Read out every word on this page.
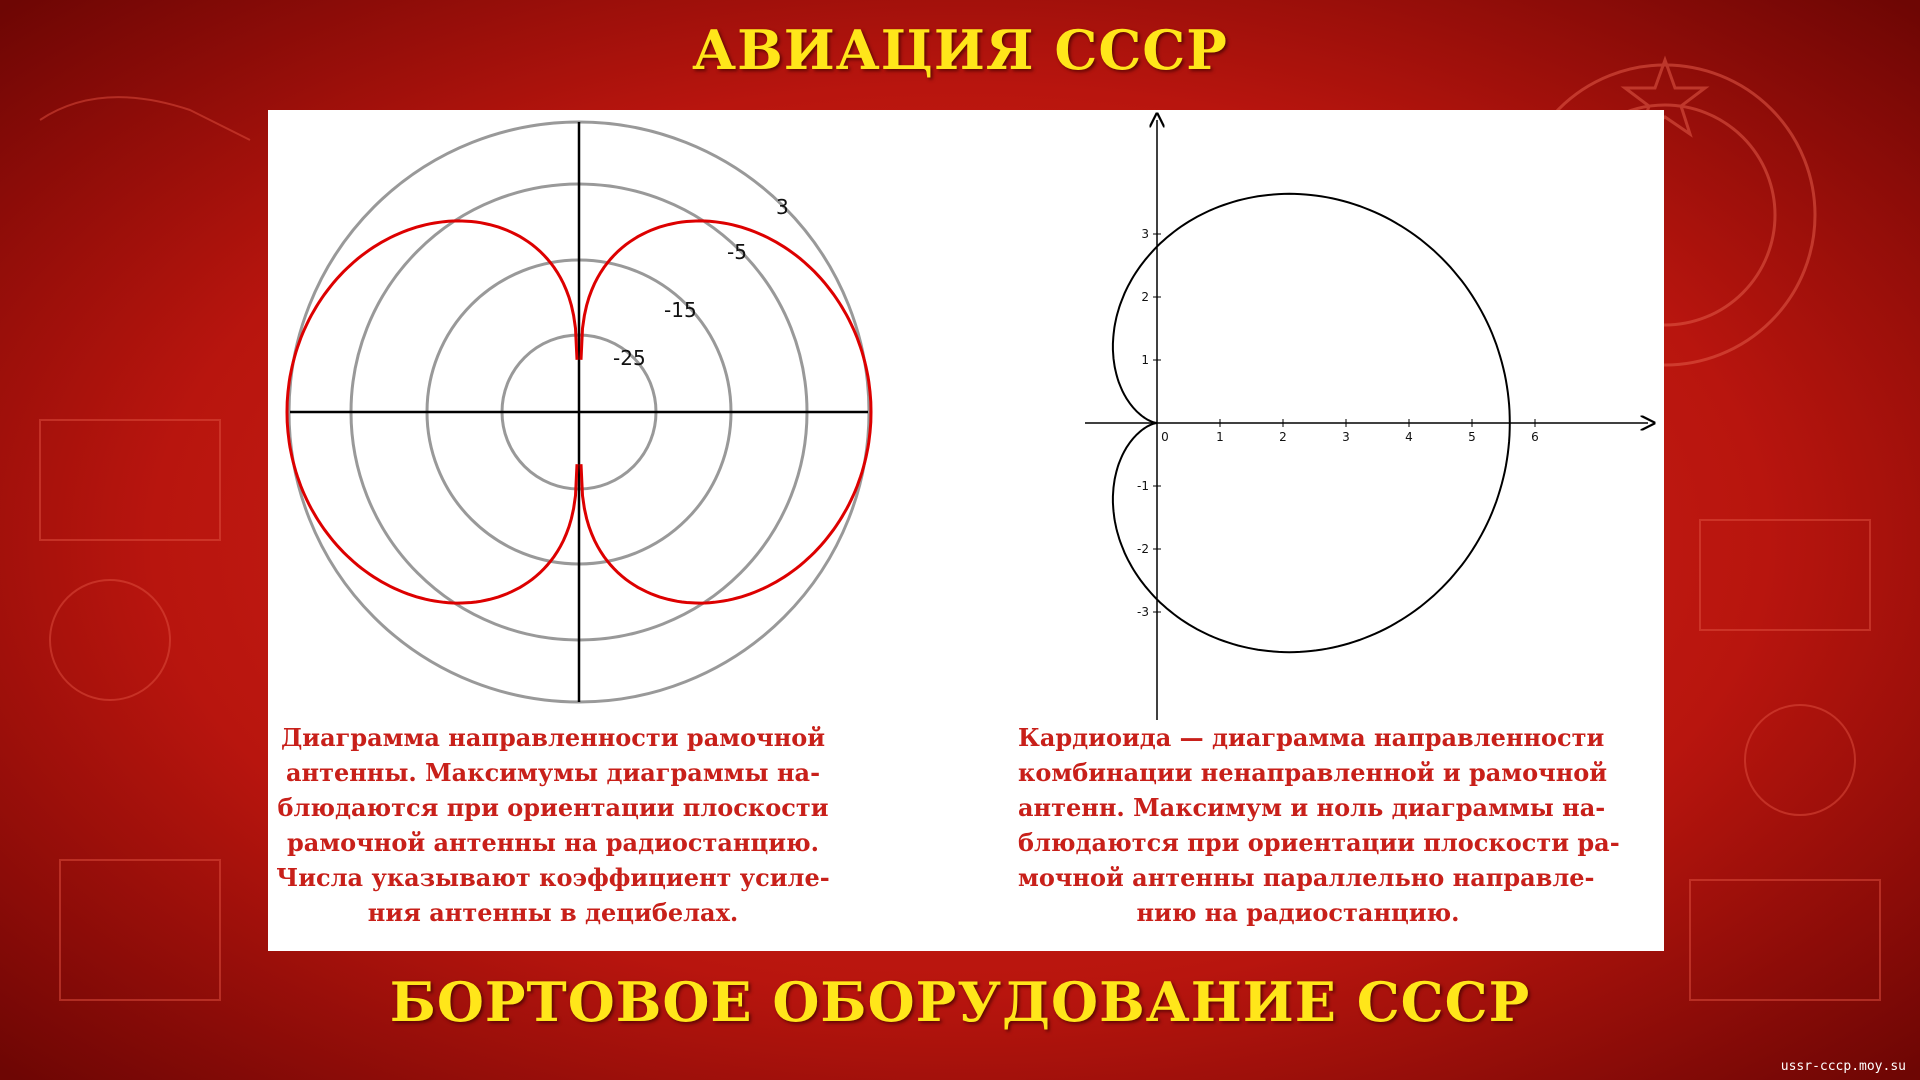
АВИАЦИЯ СССР
3
-5
-15
-25
0	1	2	3	4	5	6
3
2
1
-1
-2
-3
Диаграмма направленности рамочной
антенны. Максимумы диаграммы на-
блюдаются при ориентации плоскости
рамочной антенны на радиостанцию.
Числа указывают коэффициент усиле-
ния антенны в децибелах.
Кардиоида — диаграмма направленности
комбинации ненаправленной и рамочной
антенн. Максимум и ноль диаграммы на-
блюдаются при ориентации плоскости ра-
мочной антенны параллельно направле-
нию на радиостанцию.
БОРТОВОЕ ОБОРУДОВАНИЕ СССР
ussr-cccp.moy.su
